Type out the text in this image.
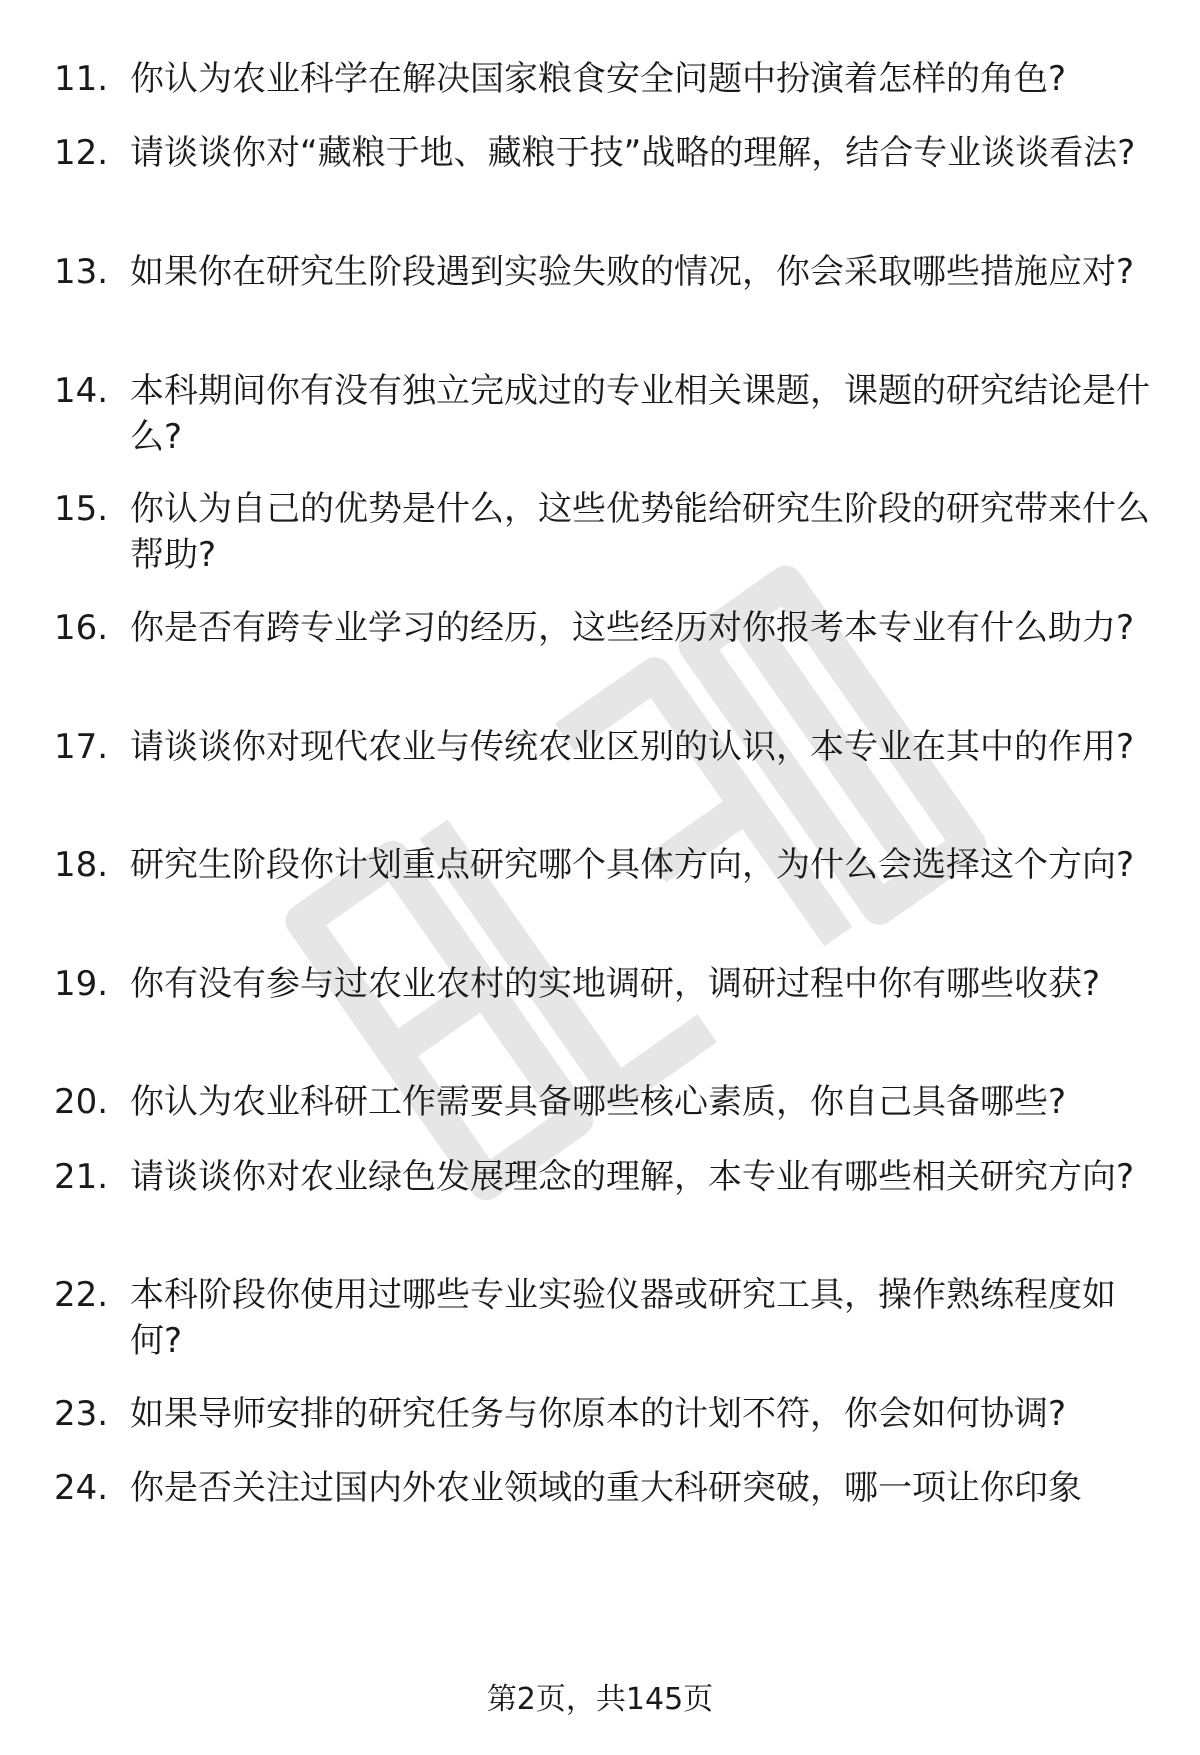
11. 你认为农业科学在解决国家粮食安全问题中扮演着怎样的角色?
12. 请谈谈你对“藏粮于地、藏粮于技”战略的理解，结合专业谈谈看法?
13. 如果你在研究生阶段遇到实验失败的情况，你会采取哪些措施应对?
14. 本科期间你有没有独立完成过的专业相关课题，课题的研究结论是什么?
15. 你认为自己的优势是什么，这些优势能给研究生阶段的研究带来什么帮助?
16. 你是否有跨专业学习的经历，这些经历对你报考本专业有什么助力?
17. 请谈谈你对现代农业与传统农业区别的认识，本专业在其中的作用?
18. 研究生阶段你计划重点研究哪个具体方向，为什么会选择这个方向?
19. 你有没有参与过农业农村的实地调研，调研过程中你有哪些收获?
20. 你认为农业科研工作需要具备哪些核心素质，你自己具备哪些?
21. 请谈谈你对农业绿色发展理念的理解，本专业有哪些相关研究方向?
22. 本科阶段你使用过哪些专业实验仪器或研究工具，操作熟练程度如何?
23. 如果导师安排的研究任务与你原本的计划不符，你会如何协调?
24. 你是否关注过国内外农业领域的重大科研突破，哪一项让你印象
第2页，共145页
